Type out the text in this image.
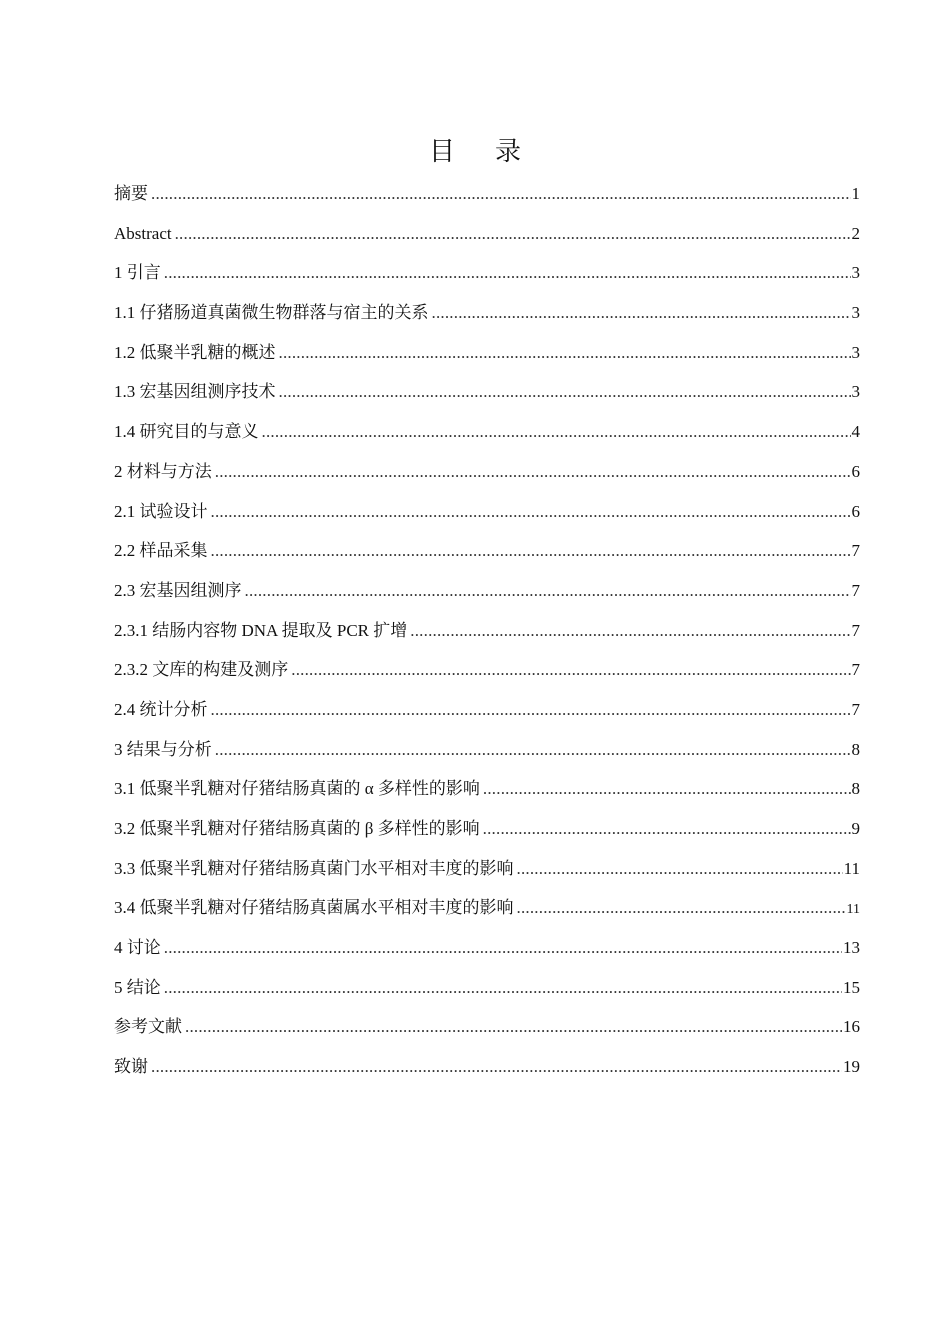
目 录
摘要 .....	1
Abstract .....	2
1 引言 .....	3
1.1 仔猪肠道真菌微生物群落与宿主的关系 .....	3
1.2 低聚半乳糖的概述 .....	3
1.3 宏基因组测序技术 .....	3
1.4 研究目的与意义 .....	4
2 材料与方法 .....	6
2.1 试验设计 .....	6
2.2 样品采集 .....	7
2.3 宏基因组测序 .....	7
2.3.1 结肠内容物 DNA 提取及 PCR 扩增 .....	7
2.3.2 文库的构建及测序 .....	7
2.4 统计分析 .....	7
3 结果与分析 .....	8
3.1 低聚半乳糖对仔猪结肠真菌的 α 多样性的影响 .....	8
3.2 低聚半乳糖对仔猪结肠真菌的 β 多样性的影响 .....	9
3.3 低聚半乳糖对仔猪结肠真菌门水平相对丰度的影响 .....	11
3.4 低聚半乳糖对仔猪结肠真菌属水平相对丰度的影响 .....	11
4 讨论 .....	13
5 结论 .....	15
参考文献 .....	16
致谢 .....	19
